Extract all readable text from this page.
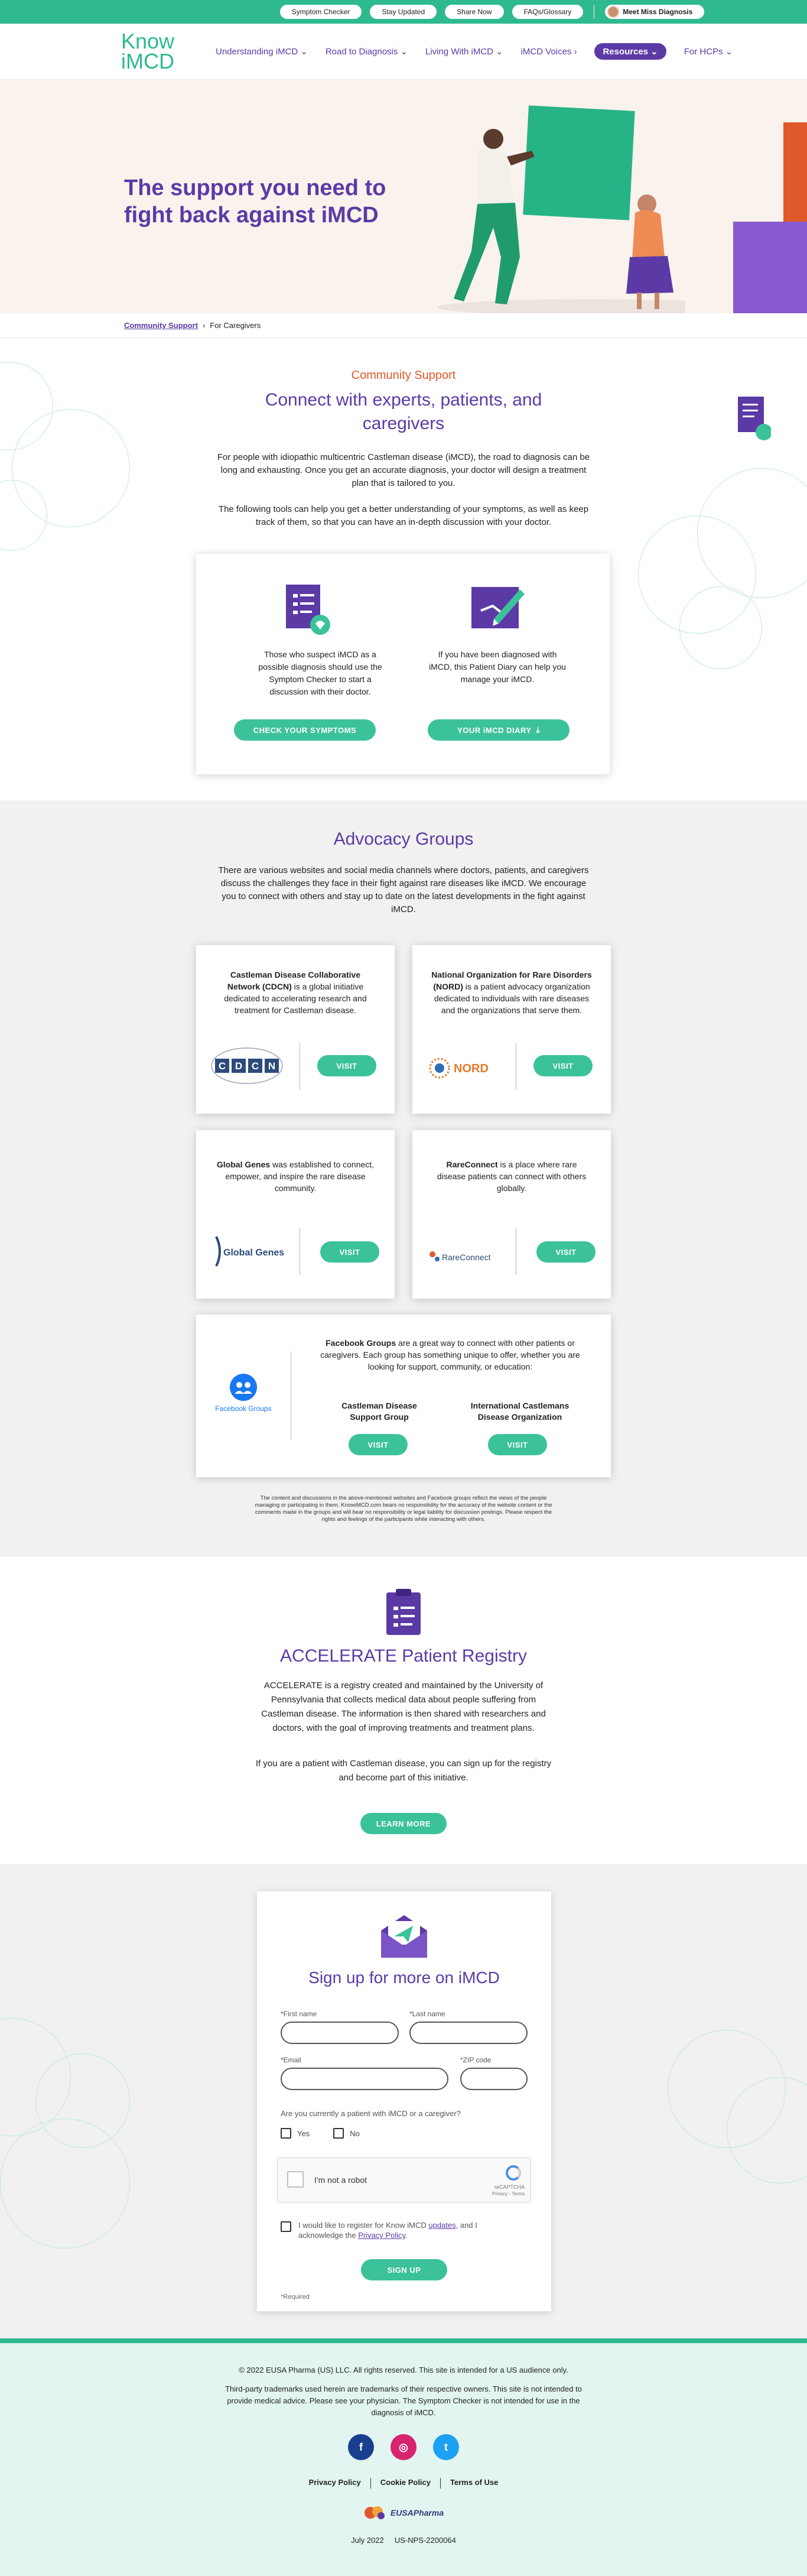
Symptom Checker	Stay Updated	Share Now	FAQs/Glossary	Meet Miss Diagnosis
Know
iMCD	Understanding iMCD ⌄ Road to Diagnosis ⌄ Living With iMCD ⌄ iMCD Voices ›	Resources ⌄	For HCPs ⌄
The support you need to fight back against iMCD
Community Support › For Caregivers
Community Support
Connect with experts, patients, and caregivers

For people with idiopathic multicentric Castleman disease (iMCD), the road to diagnosis can be long and exhausting. Once you get an accurate diagnosis, your doctor will design a treatment plan that is tailored to you.

The following tools can help you get a better understanding of your symptoms, as well as keep track of them, so that you can have an in-depth discussion with your doctor.

Those who suspect iMCD as a possible diagnosis should use the Symptom Checker to start a discussion with their doctor.

If you have been diagnosed with iMCD, this Patient Diary can help you manage your iMCD.

CHECK YOUR SYMPTOMS	YOUR iMCD DIARY ⤓
Advocacy Groups

There are various websites and social media channels where doctors, patients, and caregivers discuss the challenges they face in their fight against rare diseases like iMCD. We encourage you to connect with others and stay up to date on the latest developments in the fight against iMCD.

Castleman Disease Collaborative Network (CDCN) is a global initiative dedicated to accelerating research and treatment for Castleman disease.

C D C N	VISIT

National Organization for Rare Disorders (NORD) is a patient advocacy organization dedicated to individuals with rare diseases and the organizations that serve them.

NORD	VISIT

Global Genes was established to connect, empower, and inspire the rare disease community.

Global Genes	VISIT

RareConnect is a place where rare disease patients can connect with others globally.

RareConnect
VISIT
Facebook Groups

Facebook Groups are a great way to connect with other patients or caregivers. Each group has something unique to offer, whether you are looking for support, community, or education:

Castleman Disease Support Group
International Castlemans Disease Organization
VISIT	VISIT

The content and discussions in the above-mentioned websites and Facebook groups reflect the views of the people managing or participating in them. KnowiMCD.com bears no responsibility for the accuracy of the website content or the comments made in the groups and will bear no responsibility or legal liability for discussion postings. Please respect the rights and feelings of the participants while interacting with others.

ACCELERATE Patient Registry

ACCELERATE is a registry created and maintained by the University of Pennsylvania that collects medical data about people suffering from Castleman disease. The information is then shared with researchers and doctors, with the goal of improving treatments and treatment plans.

If you are a patient with Castleman disease, you can sign up for the registry and become part of this initiative.

LEARN MORE
Sign up for more on iMCD
*First name	*Last name
*Email	*ZIP code
Are you currently a patient with iMCD or a caregiver?
Yes	No
I'm not a robot
reCAPTCHA
Privacy - Terms
I would like to register for Know iMCD updates, and I acknowledge the Privacy Policy.
SIGN UP
*Required

© 2022 EUSA Pharma (US) LLC. All rights reserved. This site is intended for a US audience only.

Third-party trademarks used herein are trademarks of their respective owners. This site is not intended to provide medical advice. Please see your physician. The Symptom Checker is not intended for use in the diagnosis of iMCD.

f	◎	t
Privacy Policy	Cookie Policy	Terms of Use
EUSAPharma

July 2022     US-NPS-2200064
